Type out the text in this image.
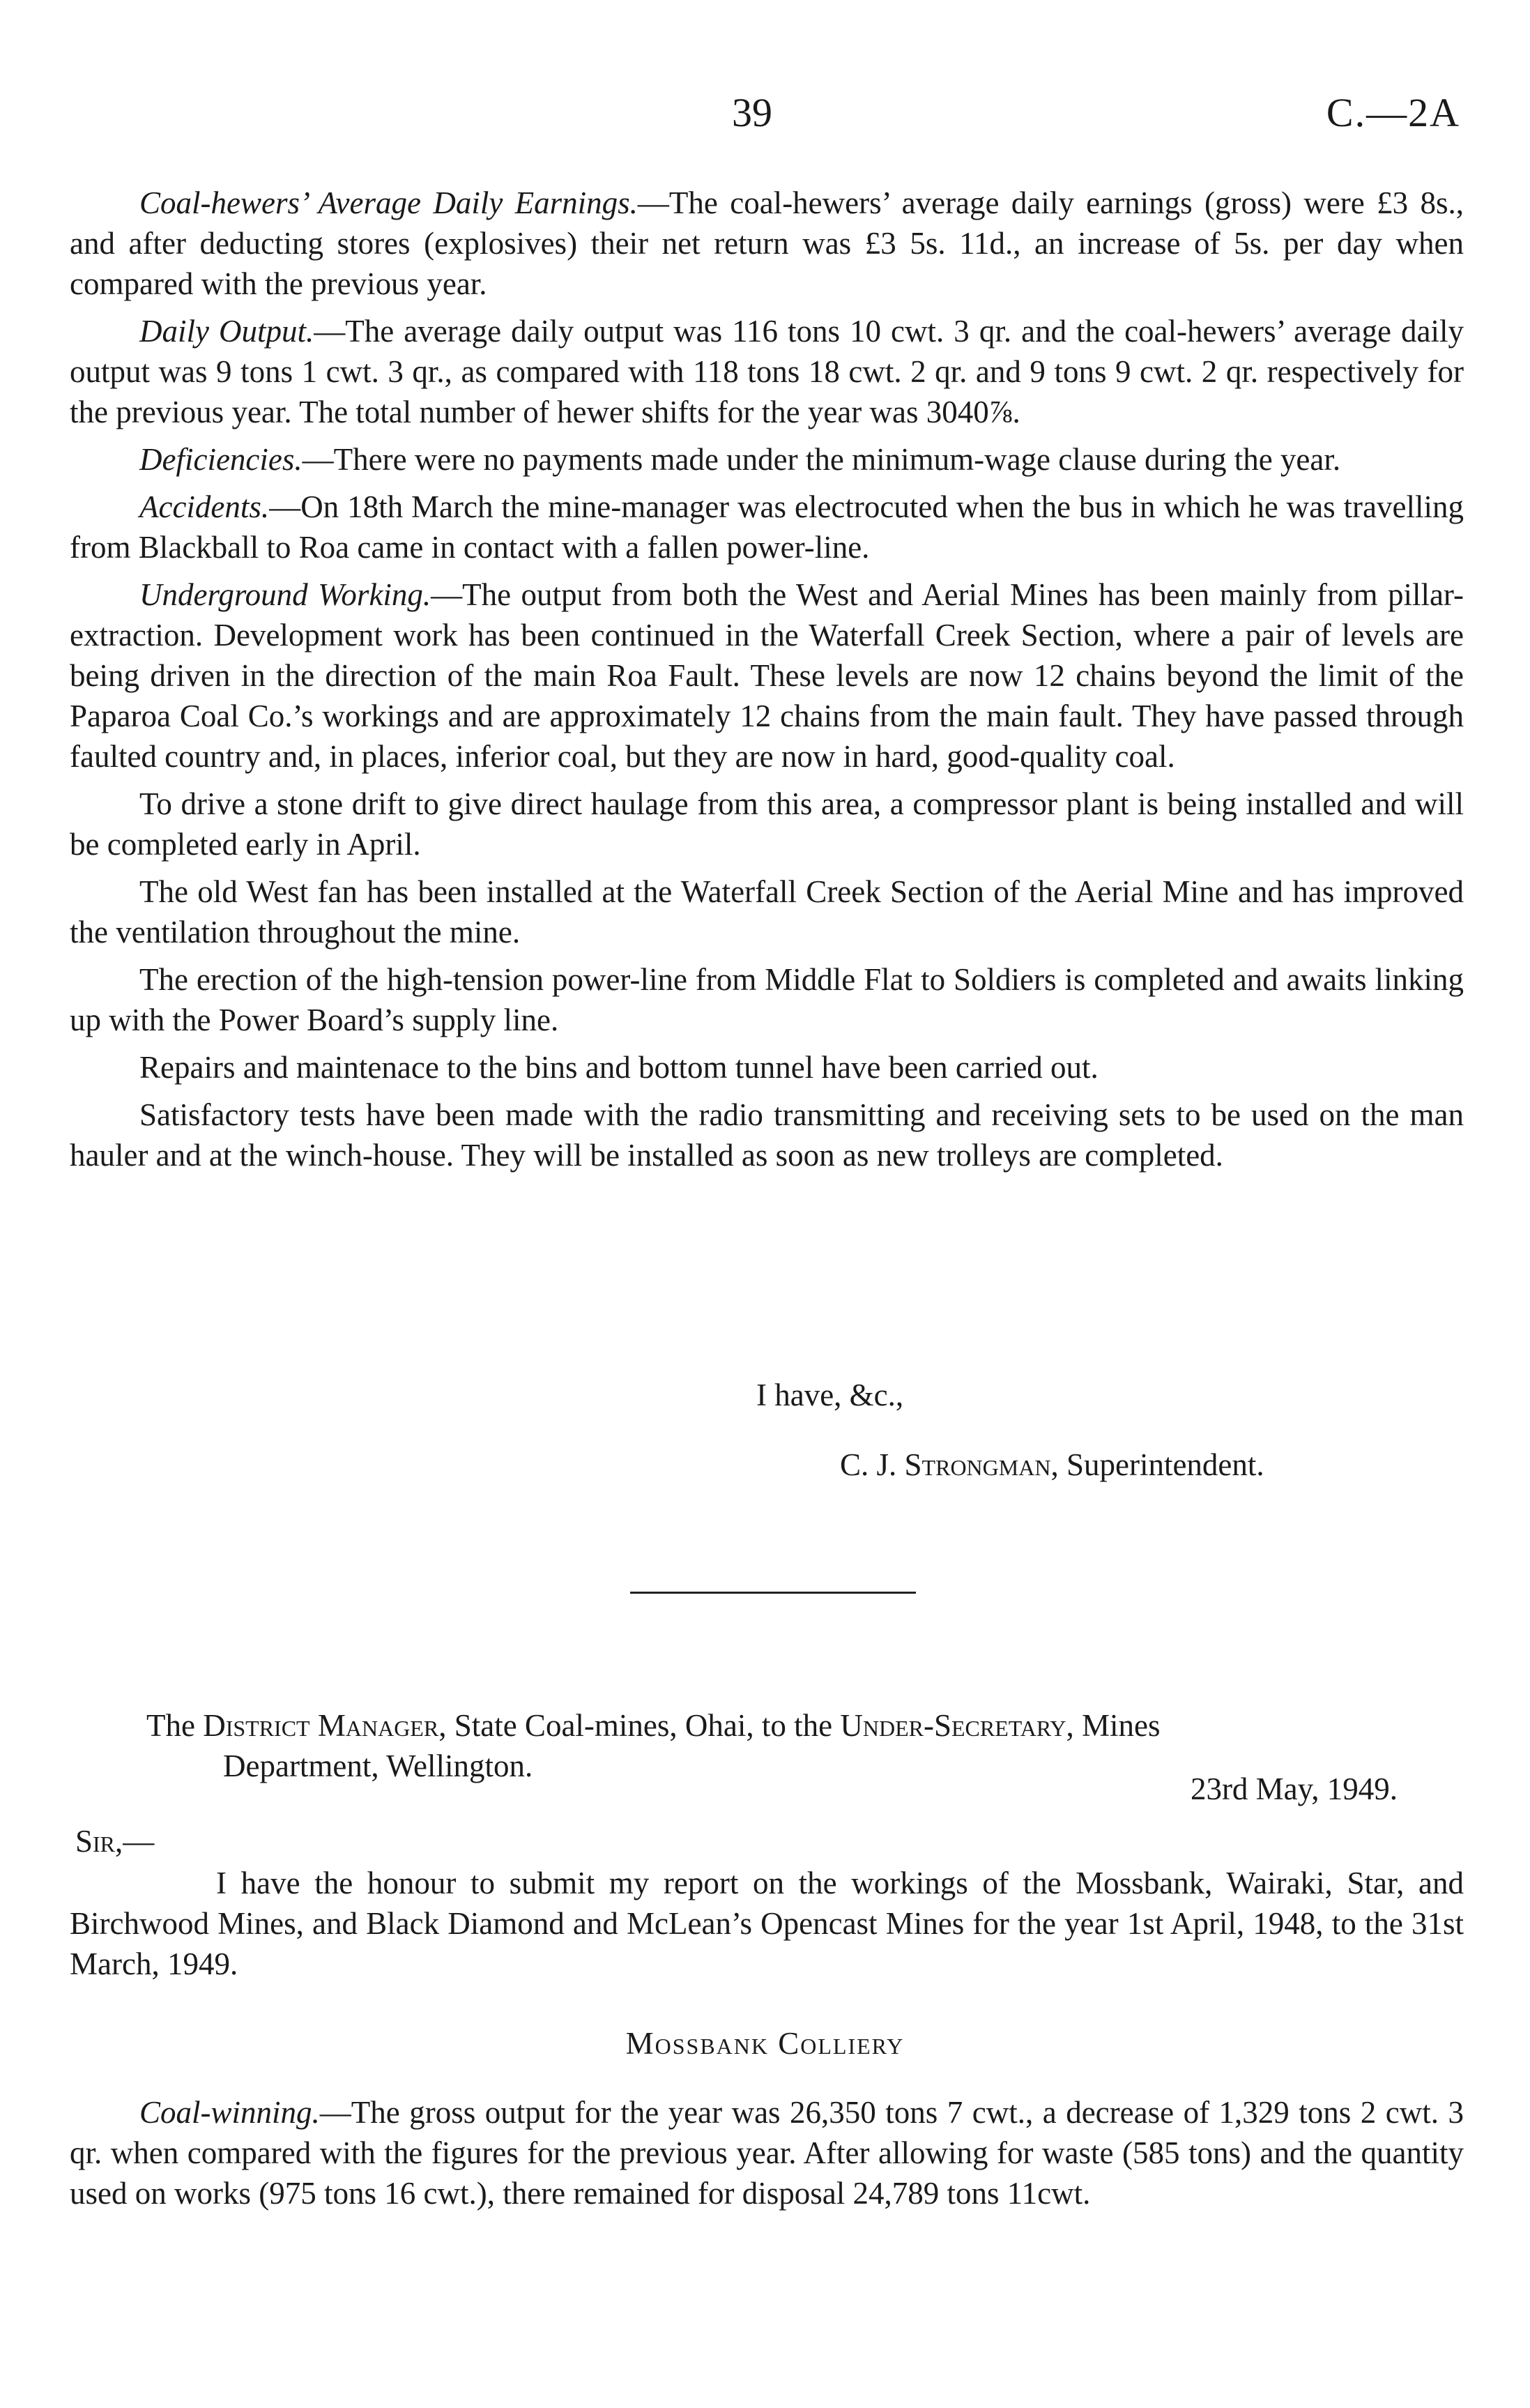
39	C.—2A

Coal-hewers’ Average Daily Earnings.—The coal-hewers’ average daily earnings (gross) were £3 8s., and after deducting stores (explosives) their net return was £3 5s. 11d., an increase of 5s. per day when compared with the previous year.

Daily Output.—The average daily output was 116 tons 10 cwt. 3 qr. and the coal-hewers’ average daily output was 9 tons 1 cwt. 3 qr., as compared with 118 tons 18 cwt. 2 qr. and 9 tons 9 cwt. 2 qr. respectively for the previous year. The total number of hewer shifts for the year was 3040⅞.

Deficiencies.—There were no payments made under the minimum-wage clause during the year.

Accidents.—On 18th March the mine-manager was electrocuted when the bus in which he was travelling from Blackball to Roa came in contact with a fallen power-line.

Underground Working.—The output from both the West and Aerial Mines has been mainly from pillar-extraction. Development work has been continued in the Waterfall Creek Section, where a pair of levels are being driven in the direction of the main Roa Fault. These levels are now 12 chains beyond the limit of the Paparoa Coal Co.’s workings and are approximately 12 chains from the main fault. They have passed through faulted country and, in places, inferior coal, but they are now in hard, good-quality coal.

To drive a stone drift to give direct haulage from this area, a compressor plant is being installed and will be completed early in April.

The old West fan has been installed at the Waterfall Creek Section of the Aerial Mine and has improved the ventilation throughout the mine.

The erection of the high-tension power-line from Middle Flat to Soldiers is completed and awaits linking up with the Power Board’s supply line.

Repairs and maintenace to the bins and bottom tunnel have been carried out.

Satisfactory tests have been made with the radio transmitting and receiving sets to be used on the man hauler and at the winch-house. They will be installed as soon as new trolleys are completed.

I have, &c.,
C. J. Strongman, Superintendent.
The District Manager, State Coal-mines, Ohai, to the Under-Secretary, Mines
Department, Wellington.
23rd May, 1949.
Sir,—

I have the honour to submit my report on the workings of the Mossbank, Wairaki, Star, and Birchwood Mines, and Black Diamond and McLean’s Opencast Mines for the year 1st April, 1948, to the 31st March, 1949.

Mossbank Colliery

Coal-winning.—The gross output for the year was 26,350 tons 7 cwt., a decrease of 1,329 tons 2 cwt. 3 qr. when compared with the figures for the previous year. After allowing for waste (585 tons) and the quantity used on works (975 tons 16 cwt.), there remained for disposal 24,789 tons 11cwt.
